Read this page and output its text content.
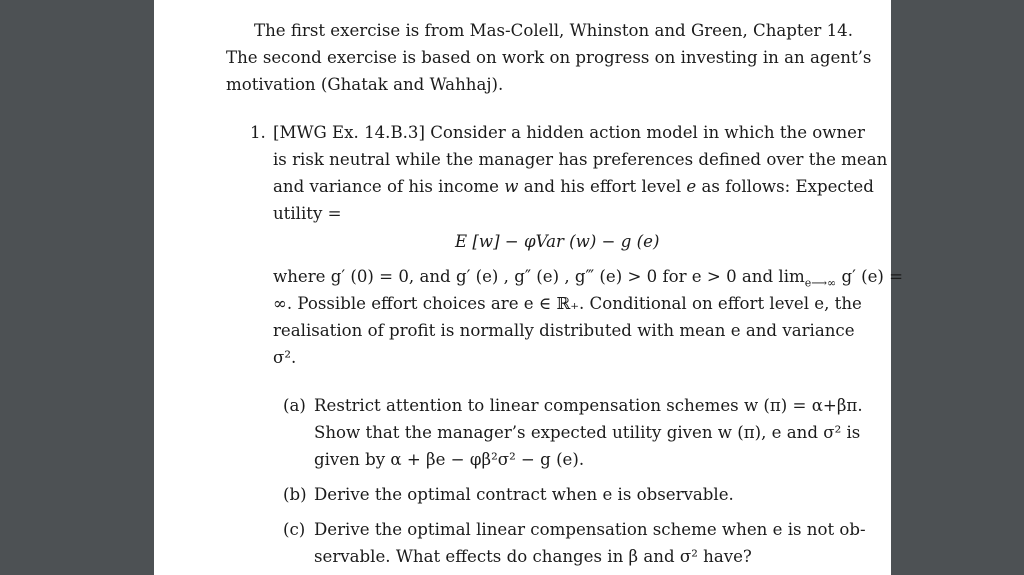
The first exercise is from Mas-Colell, Whinston and Green, Chapter 14.
The second exercise is based on work on progress on investing in an agent’s
motivation (Ghatak and Wahhaj).
1. [MWG Ex. 14.B.3] Consider a hidden action model in which the owner
is risk neutral while the manager has preferences defined over the mean
and variance of his income w and his effort level e as follows: Expected
utility =
E [w] − φVar (w) − g (e)
where g′ (0) = 0, and g′ (e) , g″ (e) , g‴ (e) > 0 for e > 0 and $\lim_{e⟶\infty} g'$ (e) =
∞. Possible effort choices are e ∈ ℝ₊. Conditional on effort level e, the
realisation of profit is normally distributed with mean e and variance
σ².
(a) Restrict attention to linear compensation schemes w (π) = α+βπ.
Show that the manager’s expected utility given w (π), e and σ² is
given by α + βe − φβ²σ² − g (e).
(b) Derive the optimal contract when e is observable.
(c) Derive the optimal linear compensation scheme when e is not ob-
servable. What effects do changes in β and σ² have?
